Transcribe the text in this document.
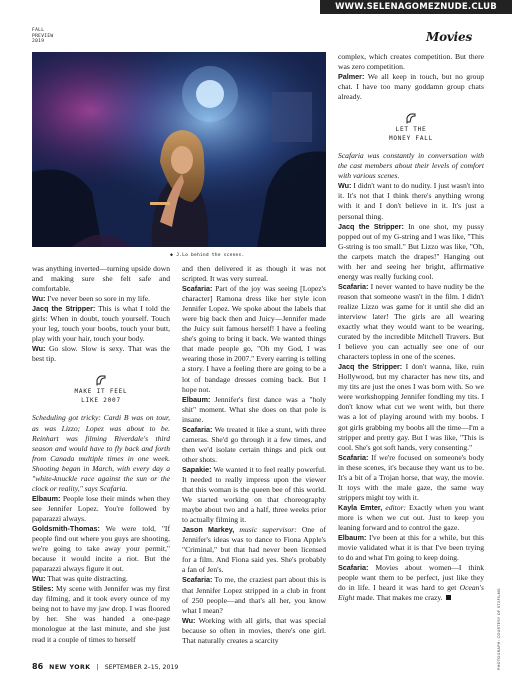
WWW.SELENAGOMEZNUDE.CLUB
FALL
PREVIEW
2019	Movies
◆ J.Lo behind the scenes.

was anything inverted—turning upside down and making sure she felt safe and comfortable.

Wu: I've never been so sore in my life.

Jacq the Stripper: This is what I told the girls: When in doubt, touch yourself. Touch your leg, touch your boobs, touch your butt, play with your hair, touch your body.

Wu: Go slow. Slow is sexy. That was the best tip.

MAKE IT FEEL
LIKE 2007

Scheduling got tricky: Cardi B was on tour, as was Lizzo; Lopez was about to be. Reinhart was filming Riverdale's third season and would have to fly back and forth from Canada multiple times in one week. Shooting began in March, with every day a "white-knuckle race against the sun or the clock or reality," says Scafaria.

Elbaum: People lose their minds when they see Jennifer Lopez. You're followed by paparazzi always.

Goldsmith-Thomas: We were told, "If people find out where you guys are shooting, we're going to take away your permit," because it would incite a riot. But the paparazzi always figure it out.

Wu: That was quite distracting.

Stiles: My scene with Jennifer was my first day filming, and it took every ounce of my being not to have my jaw drop. I was floored by her. She was handed a one-page monologue at the last minute, and she just read it a couple of times to herself

and then delivered it as though it was not scripted. It was very surreal.

Scafaria: Part of the joy was seeing [Lopez's character] Ramona dress like her style icon Jennifer Lopez. We spoke about the labels that were big back then and Juicy—Jennifer made the Juicy suit famous herself! I have a feeling she's going to bring it back. We wanted things that made people go, "Oh my God, I was wearing those in 2007." Every earring is telling a story. I have a feeling there are going to be a lot of bandage dresses coming back. But I hope not.

Elbaum: Jennifer's first dance was a "holy shit" moment. What she does on that pole is insane.

Scafaria: We treated it like a stunt, with three cameras. She'd go through it a few times, and then we'd isolate certain things and pick out other shots.

Sapakie: We wanted it to feel really powerful. It needed to really impress upon the viewer that this woman is the queen bee of this world. We started working on that choreography maybe about two and a half, three weeks prior to actually filming it.

Jason Markey, music supervisor: One of Jennifer's ideas was to dance to Fiona Apple's "Criminal," but that had never been licensed for a film. And Fiona said yes. She's probably a fan of Jen's.

Scafaria: To me, the craziest part about this is that Jennifer Lopez stripped in a club in front of 250 people—and that's all her, you know what I mean?

Wu: Working with all girls, that was special because so often in movies, there's one girl. That naturally creates a scarcity

complex, which creates competition. But there was zero competition.

Palmer: We all keep in touch, but no group chat. I have too many goddamn group chats already.

LET THE
MONEY FALL

Scafaria was constantly in conversation with the cast members about their levels of comfort with various scenes.

Wu: I didn't want to do nudity. I just wasn't into it. It's not that I think there's anything wrong with it and I don't believe in it. It's just a personal thing.

Jacq the Stripper: In one shot, my pussy popped out of my G-string and I was like, "This G-string is too small." But Lizzo was like, "Oh, the carpets match the drapes!" Hanging out with her and seeing her bright, affirmative energy was really fucking cool.

Scafaria: I never wanted to have nudity be the reason that someone wasn't in the film. I didn't realize Lizzo was game for it until she did an interview later! The girls are all wearing exactly what they would want to be wearing, curated by the incredible Mitchell Travers. But I believe you can actually see one of our characters topless in one of the scenes.

Jacq the Stripper: I don't wanna, like, ruin Hollywood, but my character has new tits, and my tits are just the ones I was born with. So we were workshopping Jennifer fondling my tits. I don't know what cut we went with, but there was a lot of playing around with my boobs. I got girls grabbing my boobs all the time—I'm a stripper and pretty gay. But I was like, "This is cool. She's got soft hands, very consenting."

Scafaria: If we're focused on someone's body in these scenes, it's because they want us to be. It's a bit of a Trojan horse, that way, the movie. It toys with the male gaze, the same way strippers might toy with it.

Kayla Emter, editor: Exactly when you want more is when we cut out. Just to keep you leaning forward and to control the gaze.

Elbaum: I've been at this for a while, but this movie validated what it is that I've been trying to do and what I'm going to keep doing.

Scafaria: Movies about women—I think people want them to be perfect, just like they do in life. I heard it was hard to get Ocean's Eight made. That makes me crazy.	PHOTOGRAPH: COURTESY OF STXFILMS
86 NEW YORK | SEPTEMBER 2–15, 2019
